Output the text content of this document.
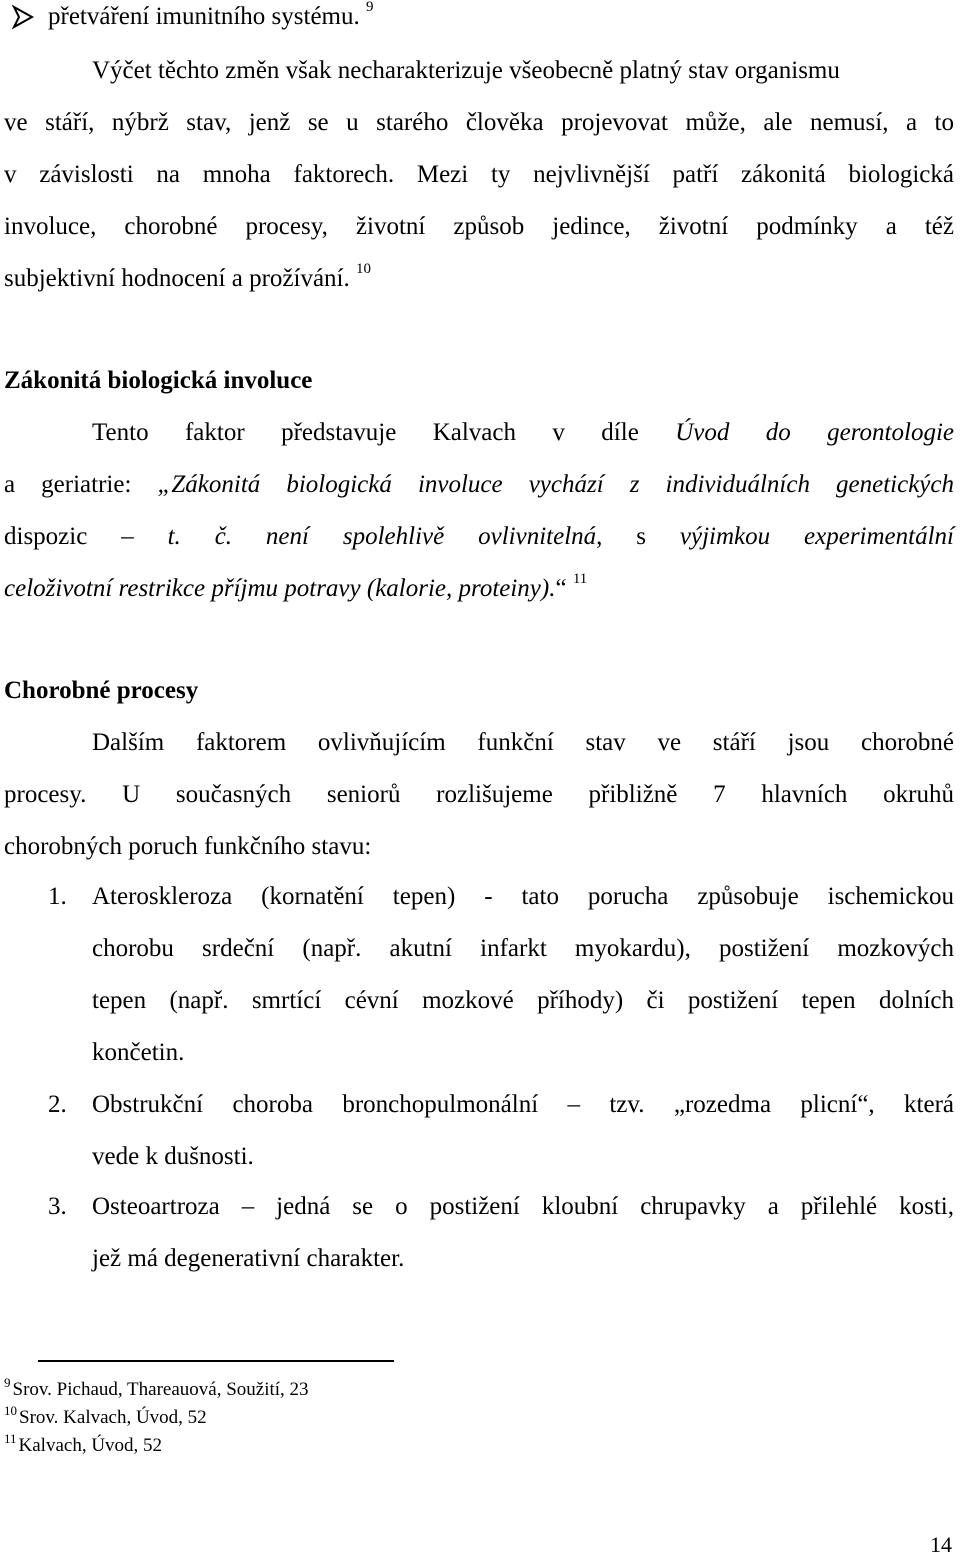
přetváření imunitního systému. $^9$
Výčet těchto změn však necharakterizuje všeobecně platný stav organismu
ve stáří, nýbrž stav, jenž se u starého člověka projevovat může, ale nemusí, a to
v závislosti na mnoha faktorech. Mezi ty nejvlivnější patří zákonitá biologická
involuce, chorobné procesy, životní způsob jedince, životní podmínky a též
subjektivní hodnocení a prožívání. $^{10}$
Zákonitá biologická involuce
Tento faktor představuje Kalvach v díle Úvod do gerontologie
a geriatrie: „Zákonitá biologická involuce vychází z individuálních genetických
dispozic – t. č. není spolehlivě ovlivnitelná, s výjimkou experimentální
celoživotní restrikce příjmu potravy (kalorie, proteiny).“ $^{11}$
Chorobné procesy
Dalším faktorem ovlivňujícím funkční stav ve stáří jsou chorobné
procesy. U současných seniorů rozlišujeme přibližně 7 hlavních okruhů
chorobných poruch funkčního stavu:
1.	Ateroskleroza (kornatění tepen) - tato porucha způsobuje ischemickou
chorobu srdeční (např. akutní infarkt myokardu), postižení mozkových
tepen (např. smrtící cévní mozkové příhody) či postižení tepen dolních
končetin.
2.	Obstrukční choroba bronchopulmonální – tzv. „rozedma plicní“, která
vede k dušnosti.
3.	Osteoartroza – jedná se o postižení kloubní chrupavky a přilehlé kosti,
jež má degenerativní charakter.
$^9$ Srov. Pichaud, Thareauová, Soužití, 23
$^{10}$ Srov. Kalvach, Úvod, 52
$^{11}$ Kalvach, Úvod, 52
14
